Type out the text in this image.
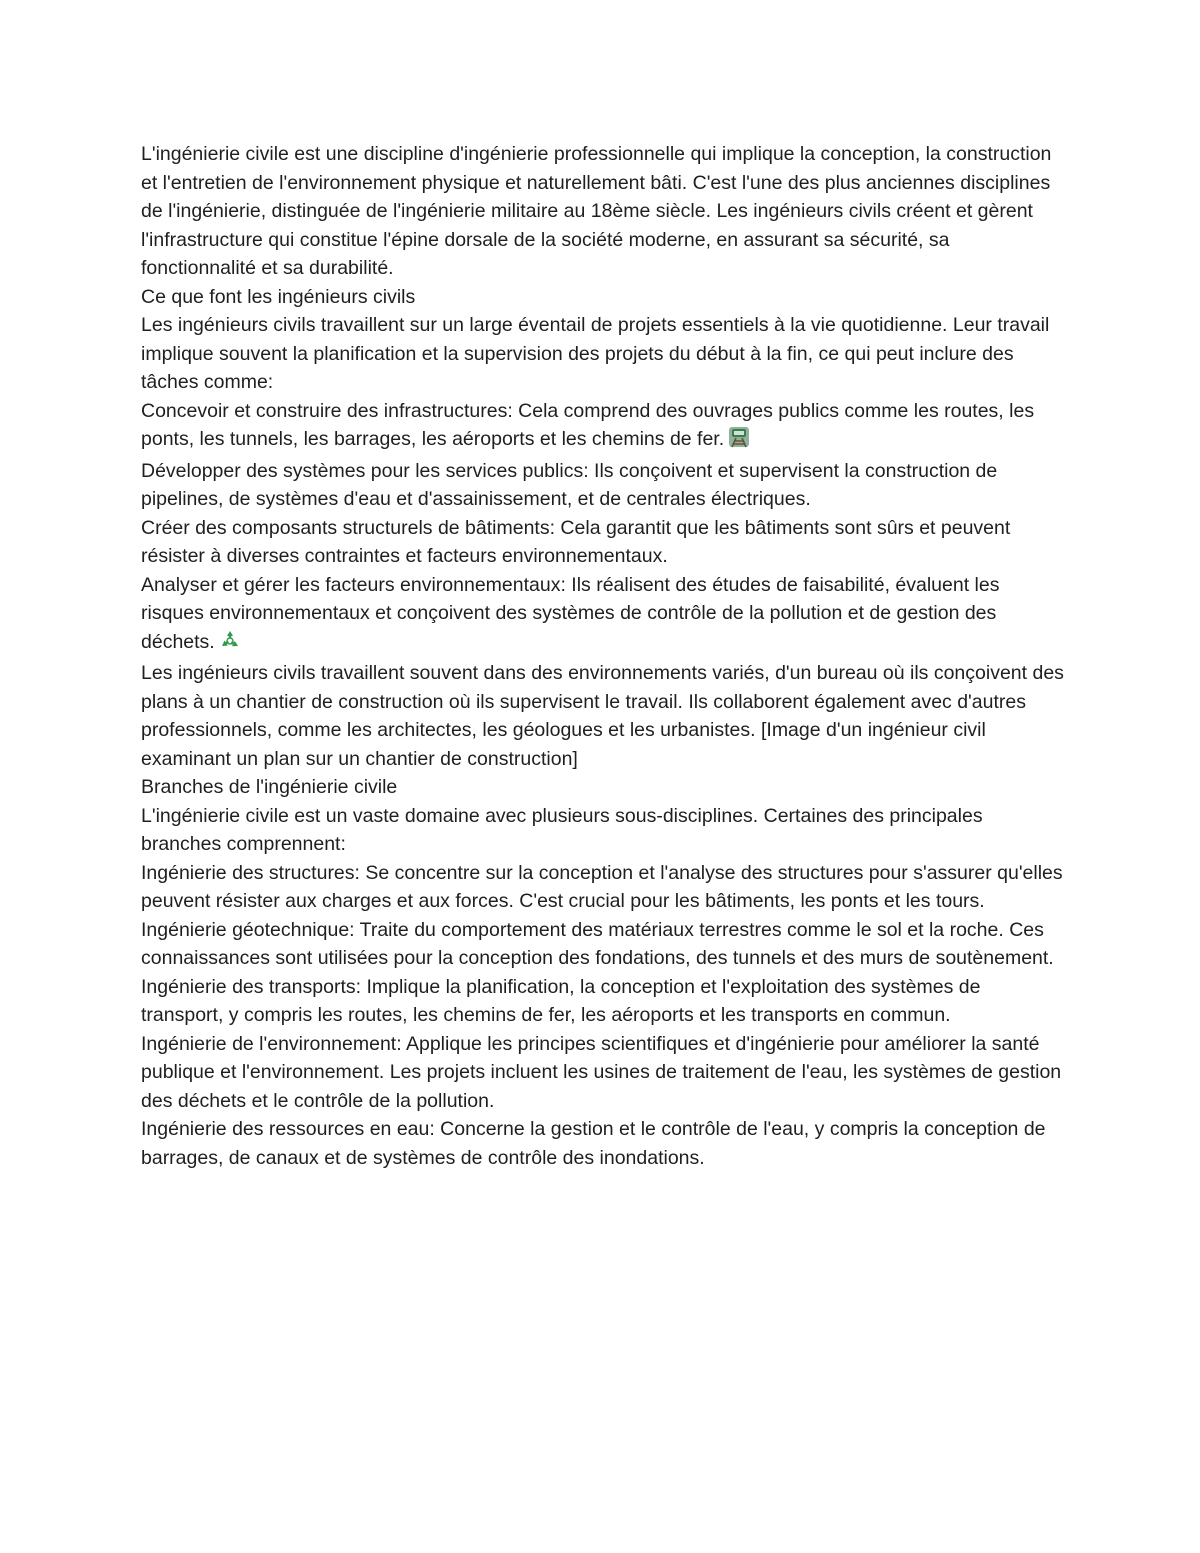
L'ingénierie civile est une discipline d'ingénierie professionnelle qui implique la conception, la construction et l'entretien de l'environnement physique et naturellement bâti. C'est l'une des plus anciennes disciplines de l'ingénierie, distinguée de l'ingénierie militaire au 18ème siècle. Les ingénieurs civils créent et gèrent l'infrastructure qui constitue l'épine dorsale de la société moderne, en assurant sa sécurité, sa fonctionnalité et sa durabilité.

Ce que font les ingénieurs civils

Les ingénieurs civils travaillent sur un large éventail de projets essentiels à la vie quotidienne. Leur travail implique souvent la planification et la supervision des projets du début à la fin, ce qui peut inclure des tâches comme:

Concevoir et construire des infrastructures: Cela comprend des ouvrages publics comme les routes, les ponts, les tunnels, les barrages, les aéroports et les chemins de fer.

Développer des systèmes pour les services publics: Ils conçoivent et supervisent la construction de pipelines, de systèmes d'eau et d'assainissement, et de centrales électriques.

Créer des composants structurels de bâtiments: Cela garantit que les bâtiments sont sûrs et peuvent résister à diverses contraintes et facteurs environnementaux.

Analyser et gérer les facteurs environnementaux: Ils réalisent des études de faisabilité, évaluent les risques environnementaux et conçoivent des systèmes de contrôle de la pollution et de gestion des déchets.

Les ingénieurs civils travaillent souvent dans des environnements variés, d'un bureau où ils conçoivent des plans à un chantier de construction où ils supervisent le travail. Ils collaborent également avec d'autres professionnels, comme les architectes, les géologues et les urbanistes. [Image d'un ingénieur civil examinant un plan sur un chantier de construction]

Branches de l'ingénierie civile

L'ingénierie civile est un vaste domaine avec plusieurs sous-disciplines. Certaines des principales branches comprennent:

Ingénierie des structures: Se concentre sur la conception et l'analyse des structures pour s'assurer qu'elles peuvent résister aux charges et aux forces. C'est crucial pour les bâtiments, les ponts et les tours.

Ingénierie géotechnique: Traite du comportement des matériaux terrestres comme le sol et la roche. Ces connaissances sont utilisées pour la conception des fondations, des tunnels et des murs de soutènement.

Ingénierie des transports: Implique la planification, la conception et l'exploitation des systèmes de transport, y compris les routes, les chemins de fer, les aéroports et les transports en commun.

Ingénierie de l'environnement: Applique les principes scientifiques et d'ingénierie pour améliorer la santé publique et l'environnement. Les projets incluent les usines de traitement de l'eau, les systèmes de gestion des déchets et le contrôle de la pollution.

Ingénierie des ressources en eau: Concerne la gestion et le contrôle de l'eau, y compris la conception de barrages, de canaux et de systèmes de contrôle des inondations.
